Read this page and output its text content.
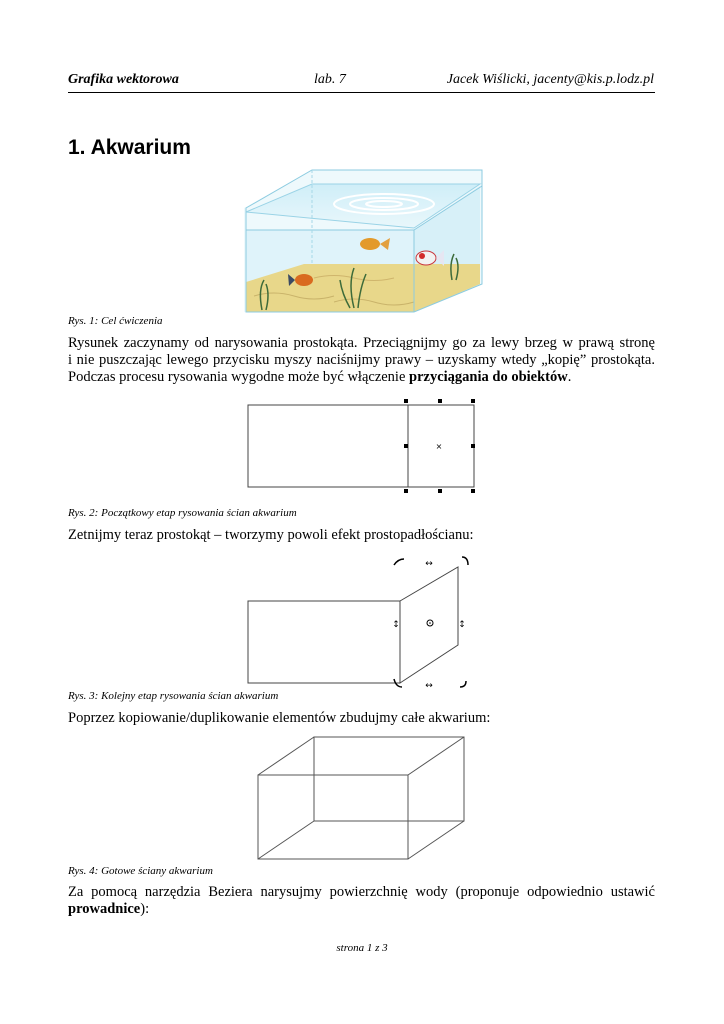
Grafika wektorowa	lab. 7	Jacek Wiślicki, jacenty@kis.p.lodz.pl
1. Akwarium
Rys. 1: Cel ćwiczenia
Rysunek zaczynamy od narysowania prostokąta. Przeciągnijmy go za lewy brzeg w prawą stronę
i nie puszczając lewego przycisku myszy naciśnijmy prawy – uzyskamy wtedy „kopię” prostokąta.
Podczas procesu rysowania wygodne może być włączenie przyciągania do obiektów.
×
Rys. 2: Początkowy etap rysowania ścian akwarium
Zetnijmy teraz prostokąt – tworzymy powoli efekt prostopadłościanu:
↔
↔
↕	↕
Rys. 3: Kolejny etap rysowania ścian akwarium
Poprzez kopiowanie/duplikowanie elementów zbudujmy całe akwarium:
Rys. 4: Gotowe ściany akwarium
Za pomocą narzędzia Beziera narysujmy powierzchnię wody (proponuje odpowiednio ustawić
prowadnice):
strona 1 z 3
